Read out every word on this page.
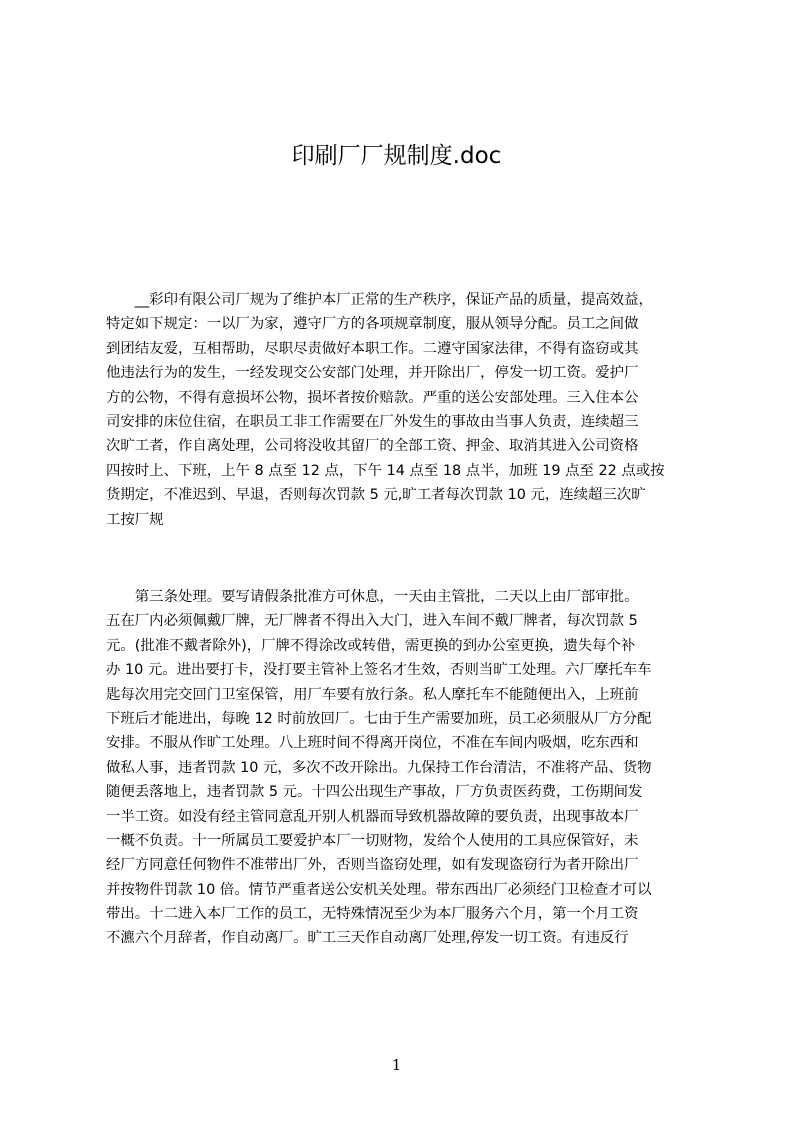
印刷厂厂规制度.doc
　　__彩印有限公司厂规为了维护本厂正常的生产秩序，保证产品的质量，提高效益，
特定如下规定：一以厂为家，遵守厂方的各项规章制度，服从领导分配。员工之间做
到团结友爱，互相帮助，尽职尽责做好本职工作。二遵守国家法律，不得有盗窃或其
他违法行为的发生，一经发现交公安部门处理，并开除出厂，停发一切工资。爱护厂
方的公物，不得有意损坏公物，损坏者按价赔款。严重的送公安部处理。三入住本公
司安排的床位住宿，在职员工非工作需要在厂外发生的事故由当事人负责，连续超三
次旷工者，作自离处理，公司将没收其留厂的全部工资、押金、取消其进入公司资格
四按时上、下班，上午 8 点至 12 点，下午 14 点至 18 点半，加班 19 点至 22 点或按
货期定，不准迟到、早退，否则每次罚款 5 元,旷工者每次罚款 10 元，连续超三次旷
工按厂规
　　第三条处理。要写请假条批准方可休息，一天由主管批，二天以上由厂部审批。
五在厂内必须佩戴厂牌，无厂牌者不得出入大门，进入车间不戴厂牌者，每次罚款 5
元。(批准不戴者除外)，厂牌不得涂改或转借，需更换的到办公室更换，遗失每个补
办 10 元。进出要打卡，没打要主管补上签名才生效，否则当旷工处理。六厂摩托车车
匙每次用完交回门卫室保管，用厂车要有放行条。私人摩托车不能随便出入，上班前
下班后才能进出，每晚 12 时前放回厂。七由于生产需要加班，员工必须服从厂方分配
安排。不服从作旷工处理。八上班时间不得离开岗位，不准在车间内吸烟，吃东西和
做私人事，违者罚款 10 元，多次不改开除出。九保持工作台清洁，不准将产品、货物
随便丢落地上，违者罚款 5 元。十四公出现生产事故，厂方负责医药费，工伤期间发
一半工资。如没有经主管同意乱开别人机器而导致机器故障的要负责，出现事故本厂
一概不负责。十一所属员工要爱护本厂一切财物，发给个人使用的工具应保管好，未
经厂方同意任何物件不准带出厂外，否则当盗窃处理，如有发现盗窃行为者开除出厂
并按物件罚款 10 倍。情节严重者送公安机关处理。带东西出厂必须经门卫检查才可以
带出。十二进入本厂工作的员工，无特殊情况至少为本厂服务六个月，第一个月工资
不瀌六个月辞者，作自动离厂。旷工三天作自动离厂处理,停发一切工资。有违反行
1
